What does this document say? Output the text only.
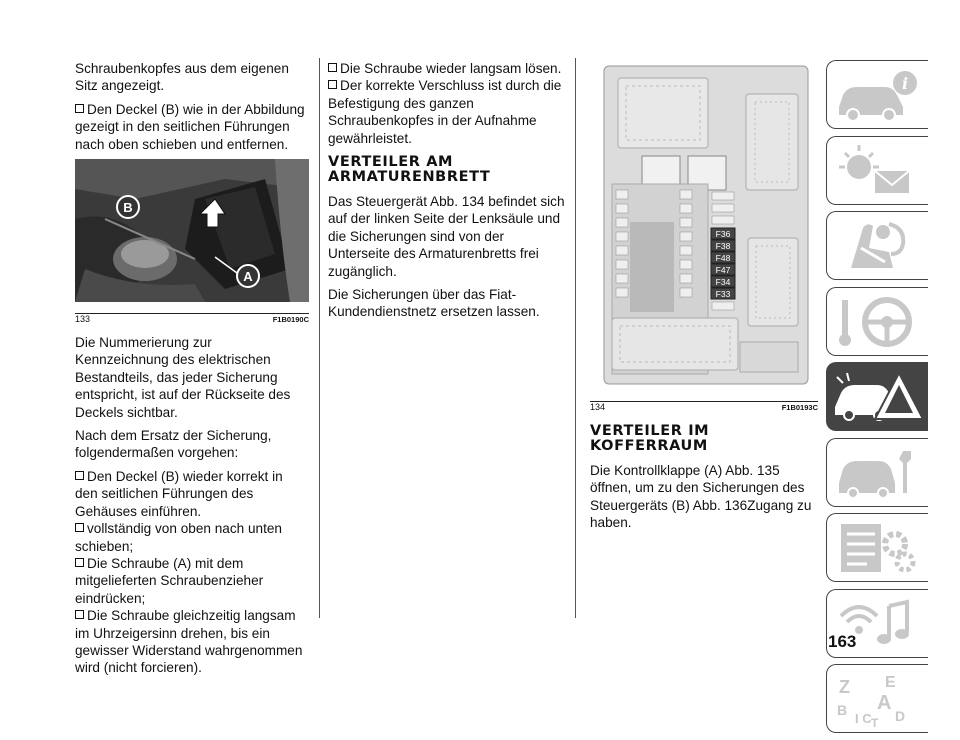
Schraubenkopfes aus dem eigenen Sitz angezeigt.

Den Deckel (B) wie in der Abbildung gezeigt in den seitlichen Führungen nach oben schieben und entfernen.

B
A
133	F1B0190C

Die Nummerierung zur Kennzeichnung des elektrischen Bestandteils, das jeder Sicherung entspricht, ist auf der Rückseite des Deckels sichtbar.

Nach dem Ersatz der Sicherung, folgendermaßen vorgehen:

Den Deckel (B) wieder korrekt in den seitlichen Führungen des Gehäuses einführen.

vollständig von oben nach unten schieben;

Die Schraube (A) mit dem mitgelieferten Schraubenzieher eindrücken;

Die Schraube gleichzeitig langsam im Uhrzeigersinn drehen, bis ein gewisser Widerstand wahrgenommen wird (nicht forcieren).

Die Schraube wieder langsam lösen.

Der korrekte Verschluss ist durch die Befestigung des ganzen Schraubenkopfes in der Aufnahme gewährleistet.

VERTEILER AM ARMATURENBRETT

Das Steuergerät Abb. 134 befindet sich auf der linken Seite der Lenksäule und die Sicherungen sind von der Unterseite des Armaturenbretts frei zugänglich.

Die Sicherungen über das Fiat-Kundendienstnetz ersetzen lassen.

F36
F38
F48
F47
F34
F33
134	F1B0193C
VERTEILER IM KOFFERRAUM

Die Kontrollklappe (A) Abb. 135 öffnen, um zu den Sicherungen des Steuergeräts (B) Abb. 136Zugang zu haben.

i
Z E
A
B
I C D
T
163
